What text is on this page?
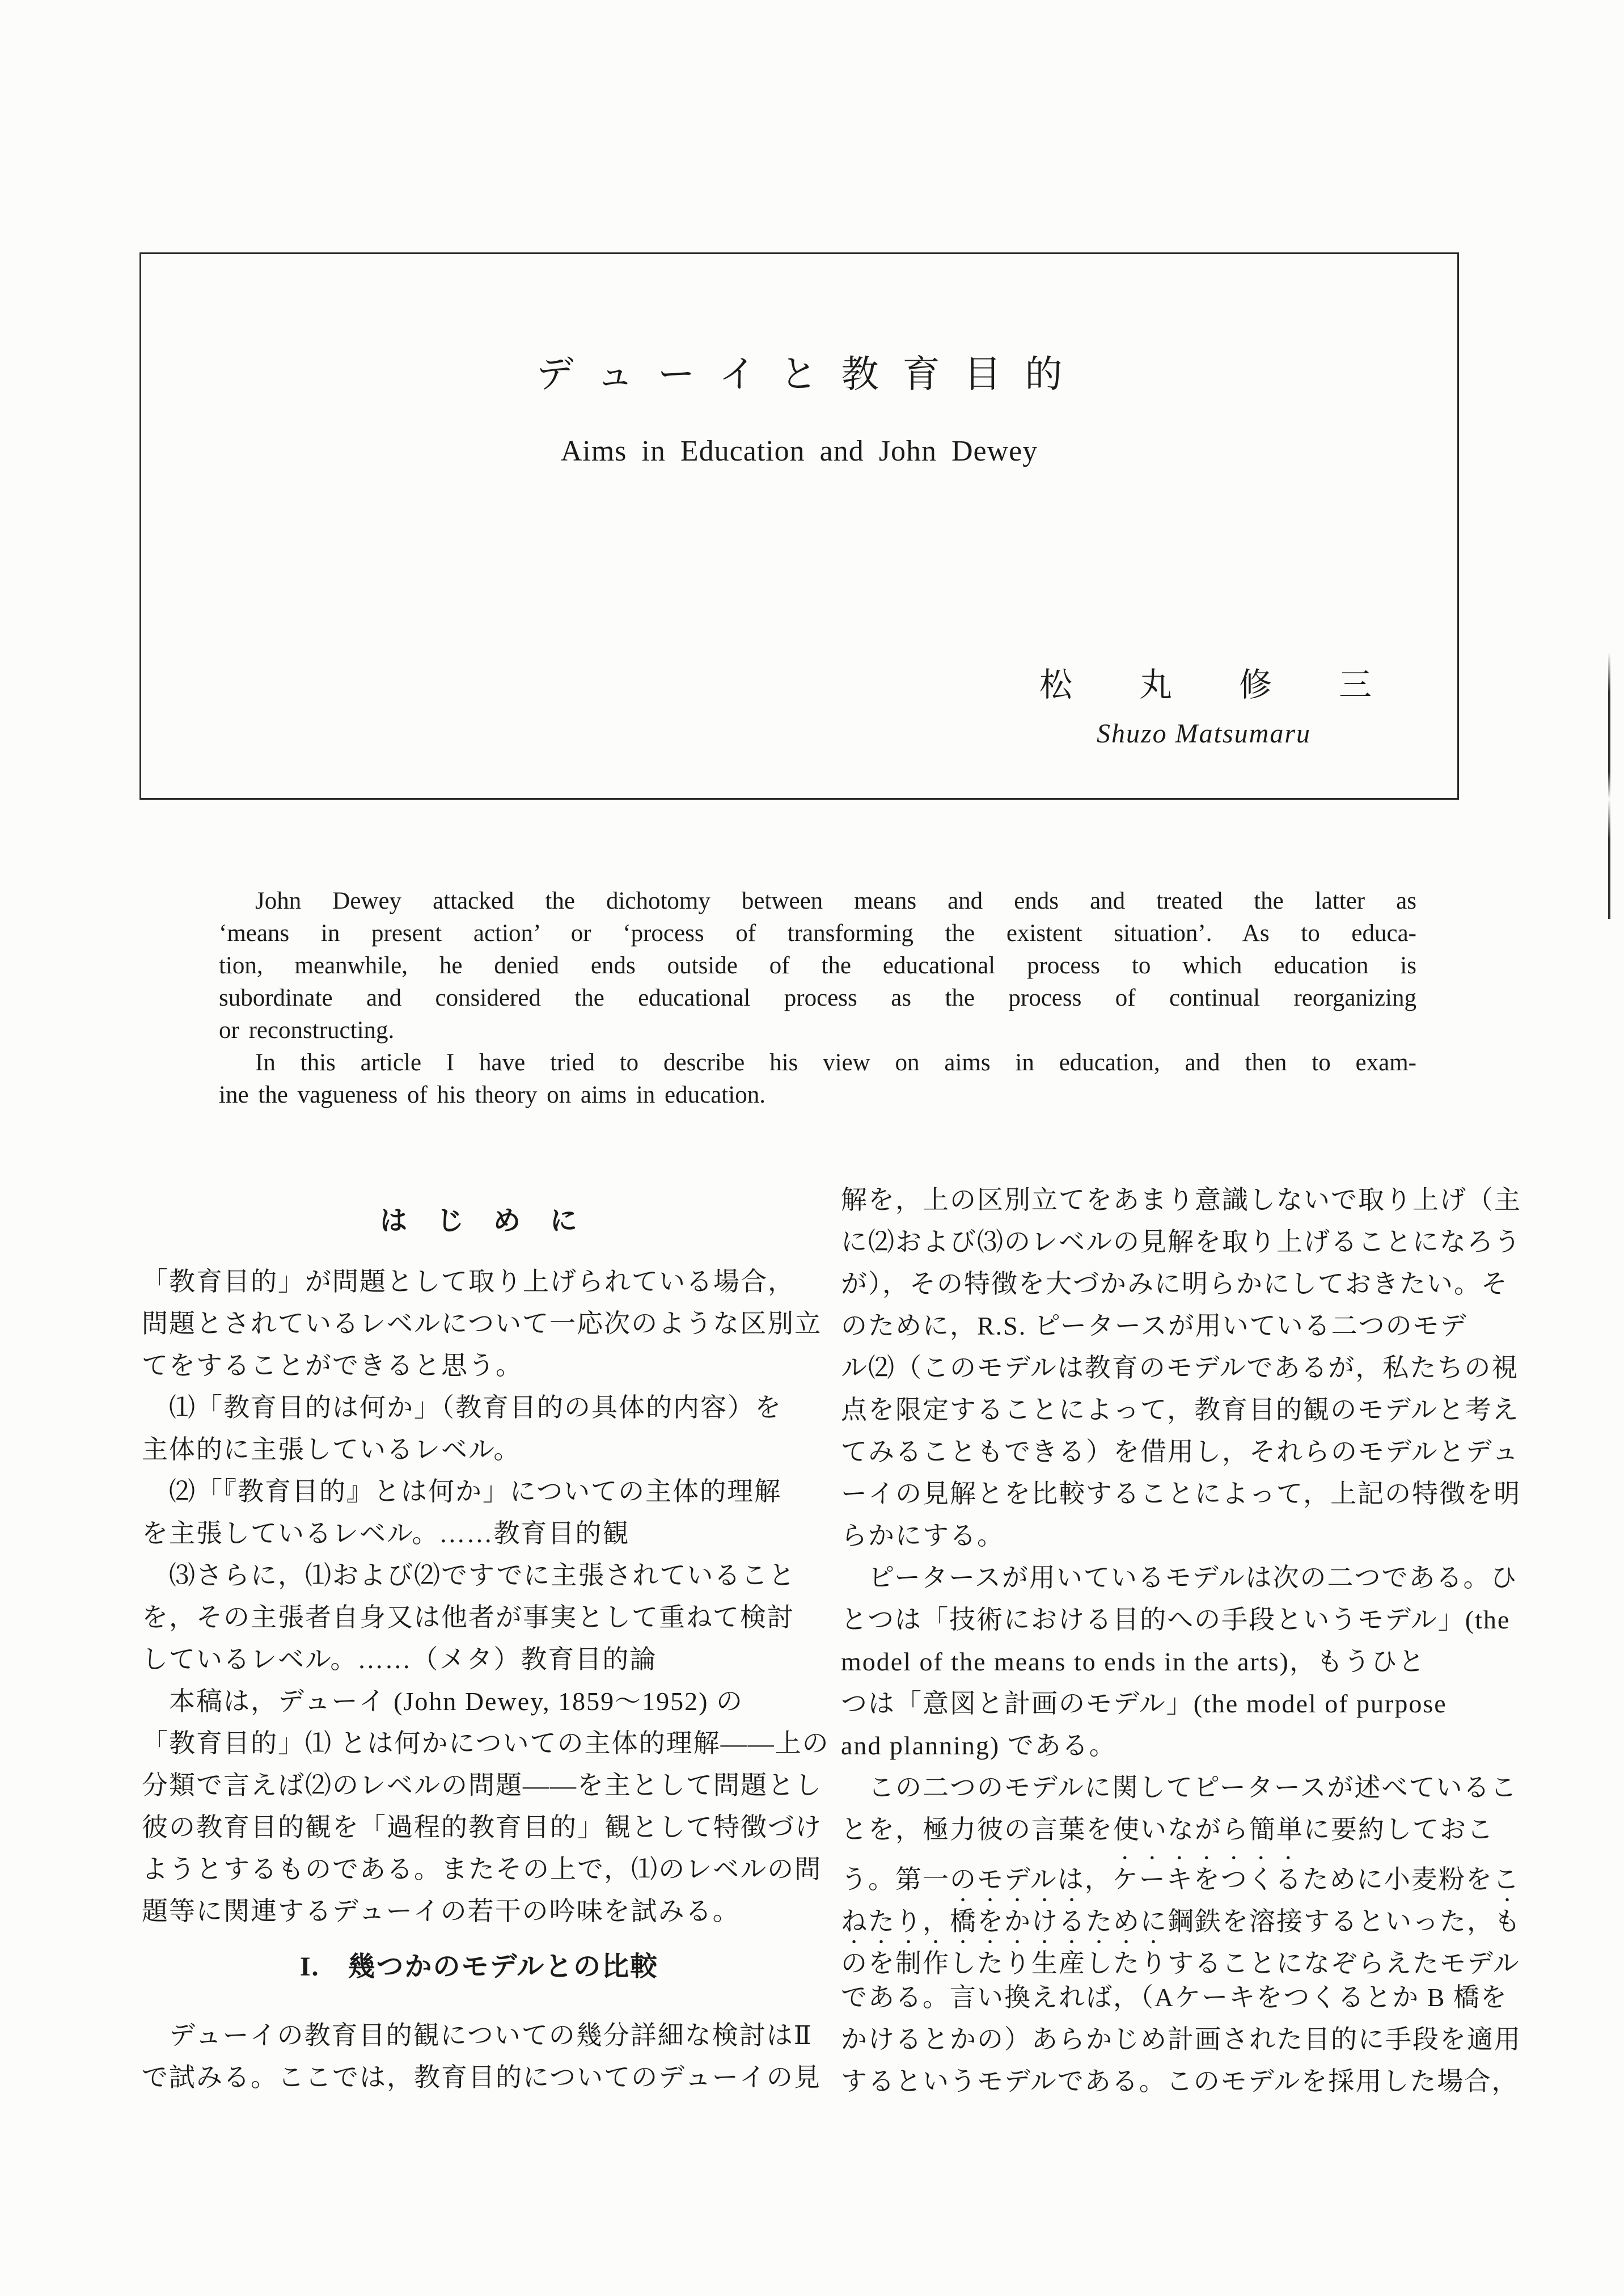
デューイと教育目的
Aims in Education and John Dewey
松　丸　修　三
Shuzo Matsumaru
John Dewey attacked the dichotomy between means and ends and treated the latter as
‘means in present action’ or ‘process of transforming the existent situation’. As to educa-
tion, meanwhile, he denied ends outside of the educational process to which education is
subordinate and considered the educational process as the process of continual reorganizing
or reconstructing.
In this article I have tried to describe his view on aims in education, and then to exam-
ine the vagueness of his theory on aims in education.
は　じ　め　に
「教育目的」が問題として取り上げられている場合，
問題とされているレベルについて一応次のような区別立
てをすることができると思う。
　⑴「教育目的は何か」（教育目的の具体的内容）を
主体的に主張しているレベル。
　⑵「『教育目的』とは何か」についての主体的理解
を主張しているレベル。……教育目的観
　⑶さらに，⑴および⑵ですでに主張されていること
を，その主張者自身又は他者が事実として重ねて検討
しているレベル。……（メタ）教育目的論
　本稿は，デューイ (John Dewey, 1859～1952) の
「教育目的」⑴ とは何かについての主体的理解——上の
分類で言えば⑵のレベルの問題——を主として問題とし
彼の教育目的観を「過程的教育目的」観として特徴づけ
ようとするものである。またその上で，⑴のレベルの問
題等に関連するデューイの若干の吟味を試みる。
I.　幾つかのモデルとの比較
　デューイの教育目的観についての幾分詳細な検討はⅡ
で試みる。ここでは，教育目的についてのデューイの見
解を，上の区別立てをあまり意識しないで取り上げ（主
に⑵および⑶のレベルの見解を取り上げることになろう
が），その特徴を大づかみに明らかにしておきたい。そ
のために，R.S. ピータースが用いている二つのモデ
ル⑵（このモデルは教育のモデルであるが，私たちの視
点を限定することによって，教育目的観のモデルと考え
てみることもできる）を借用し，それらのモデルとデュ
ーイの見解とを比較することによって，上記の特徴を明
らかにする。
　ピータースが用いているモデルは次の二つである。ひ
とつは「技術における目的への手段というモデル」(the
model of the means to ends in the arts)，もうひと
つは「意図と計画のモデル」(the model of purpose
and planning) である。
　この二つのモデルに関してピータースが述べているこ
とを，極力彼の言葉を使いながら簡単に要約しておこ
う。第一のモデルは，ケーキをつくるために小麦粉をこ
ねたり，橋をかけるために鋼鉄を溶接するといった，も
のを制作したり生産したりすることになぞらえたモデル
である。言い換えれば，（Aケーキをつくるとか B 橋を
かけるとかの）あらかじめ計画された目的に手段を適用
するというモデルである。このモデルを採用した場合，
